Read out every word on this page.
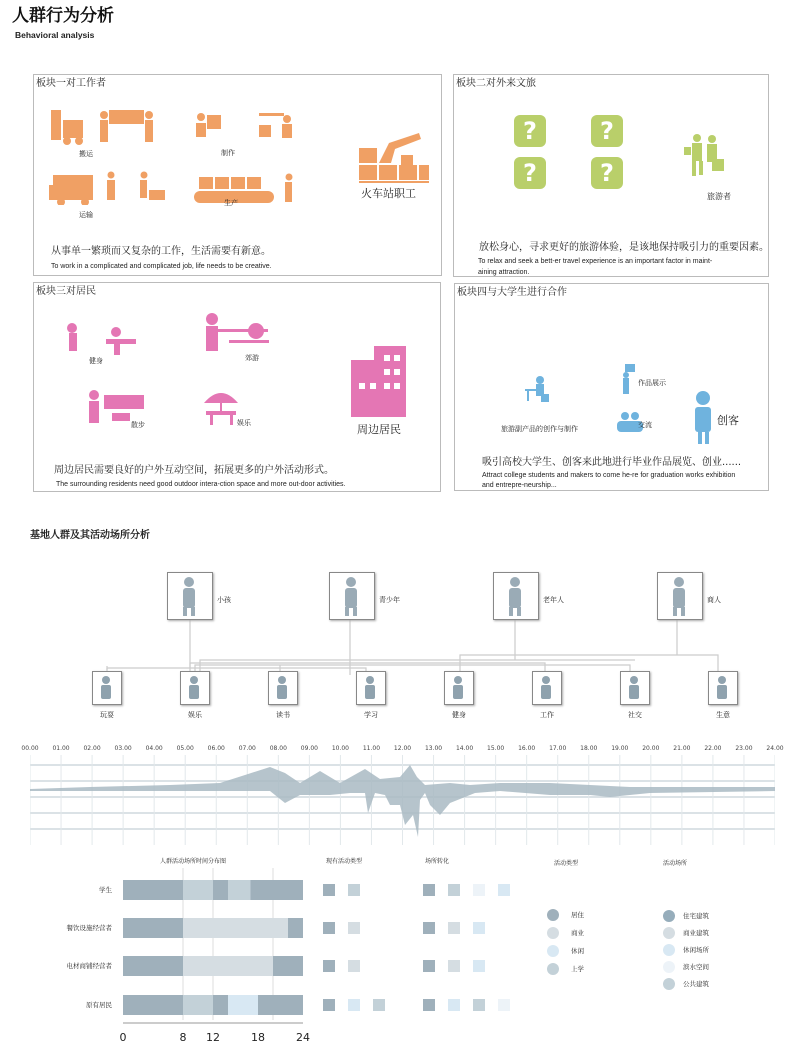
人群行为分析
Behavioral analysis
板块一对工作者
搬运	制作
运输
生产
火车站职工
从事单一繁琐而又复杂的工作，生活需要有新意。
To work in a complicated and complicated job, life needs to be creative.
板块二对外来文旅
?	?
?	?
旅游者
放松身心，寻求更好的旅游体验，是该地保持吸引力的重要因素。
To relax and seek a bett-er travel experience is an important factor in maint-
aining attraction.
板块三对居民
健身	郊游
散步	娱乐	周边居民
周边居民需要良好的户外互动空间，拓展更多的户外活动形式。
The surrounding residents need good outdoor intera-ction space and more out-door activities.
板块四与大学生进行合作
作品展示
旅游副产品的创作与制作	交流	创客
吸引高校大学生、创客来此地进行毕业作品展览、创业......
Attract college students and makers to come he-re for graduation works exhibition
and entrepre-neurship...
基地人群及其活动场所分析
人群活动场所时间分布图	现有活动类型	场所转化	活动类型	活动场所
学生
餐饮设施经营者
电材商铺经营者
原有居民
0	8 12	18	24
居住
商业
休闲
上学
住宅建筑
商业建筑
休闲场所
滨水空间
公共建筑
小孩	青少年	老年人	商人
玩耍	娱乐	读书	学习	健身	工作	社交	生意
00.00 01.00 02.00 03.00 04.00 05.00 06.00 07.00 08.00 09.00 10.00 11.00 12.00 13.00 14.00 15.00 16.00 17.00 18.00 19.00 20.00 21.00 22.00 23.00 24.00
